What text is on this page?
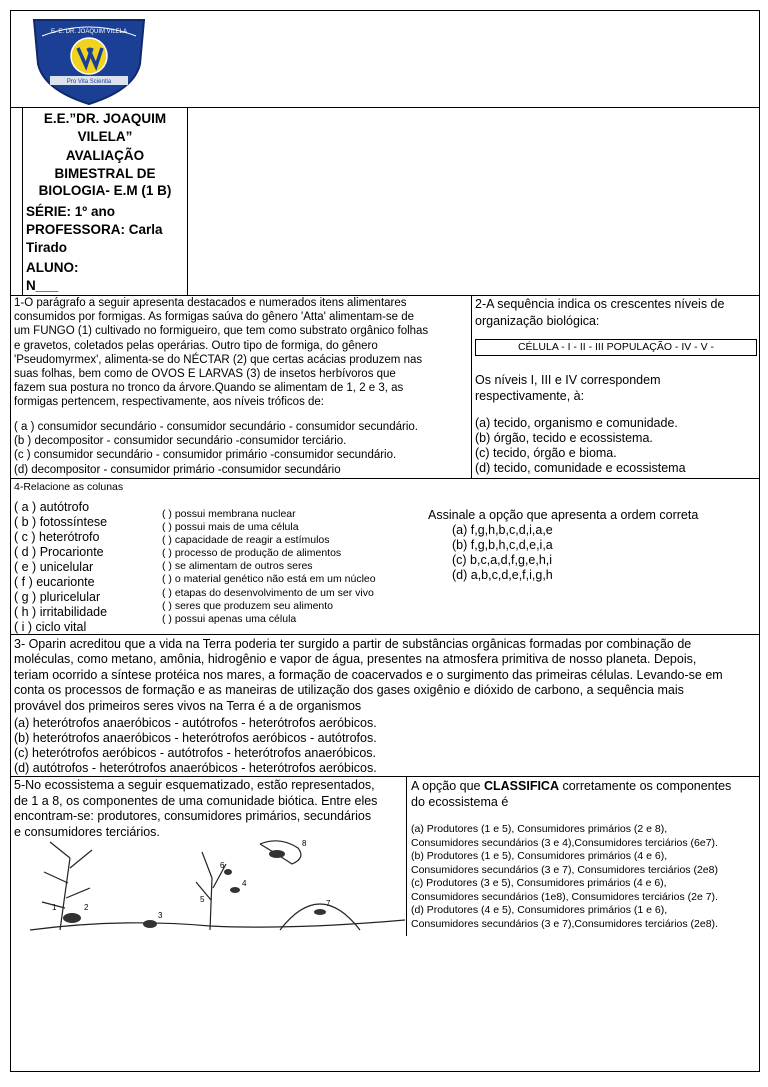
E. E. DR. JOAQUIM VILELA
Pro Vita Scientia
E.E.”DR. JOAQUIM
VILELA”
AVALIAÇÃO
BIMESTRAL DE
BIOLOGIA- E.M (1 B)
SÉRIE: 1º ano
PROFESSORA: Carla
Tirado
ALUNO:
N___
1-O parágrafo a seguir apresenta destacados e numerados itens alimentares
consumidos por formigas. As formigas saúva do gênero 'Atta' alimentam-se de
um FUNGO (1) cultivado no formigueiro, que tem como substrato orgânico folhas
e gravetos, coletados pelas operárias. Outro tipo de formiga, do gênero
'Pseudomyrmex', alimenta-se do NÉCTAR (2) que certas acácias produzem nas
suas folhas, bem como de OVOS E LARVAS (3) de insetos herbívoros que
fazem sua postura no tronco da árvore.Quando se alimentam de 1, 2 e 3, as
formigas pertencem, respectivamente, aos níveis tróficos de:
( a ) consumidor secundário - consumidor secundário - consumidor secundário.
(b ) decompositor - consumidor secundário -consumidor terciário.
(c ) consumidor secundário - consumidor primário -consumidor secundário.
(d) decompositor - consumidor primário -consumidor secundário
2-A sequência indica os crescentes níveis de
organização biológica:
CÉLULA - I - II - III POPULAÇÃO - IV - V -
Os níveis I, III e IV correspondem
respectivamente, à:
(a) tecido, organismo e comunidade.
(b) órgão, tecido e ecossistema.
(c) tecido, órgão e bioma.
(d) tecido, comunidade e ecossistema
4-Relacione as colunas
( a ) autótrofo
( b ) fotossíntese
( c ) heterótrofo
( d ) Procarionte
( e ) unicelular
( f ) eucarionte
( g ) pluricelular
( h ) irritabilidade
( i ) ciclo vital
( ) possui membrana nuclear
( ) possui mais de uma célula
( ) capacidade de reagir a estímulos
( ) processo de produção de alimentos
( ) se alimentam de outros seres
( ) o material genético não está em um núcleo
( ) etapas do desenvolvimento de um ser vivo
( ) seres que produzem seu alimento
( ) possui apenas uma célula
Assinale a opção que apresenta a ordem correta
(a) f,g,h,b,c,d,i,a,e
(b) f,g,b,h,c,d,e,i,a
(c) b,c,a,d,f,g,e,h,i
(d) a,b,c,d,e,f,i,g,h
3- Oparin acreditou que a vida na Terra poderia ter surgido a partir de substâncias orgânicas formadas por combinação de
moléculas, como metano, amônia, hidrogênio e vapor de água, presentes na atmosfera primitiva de nosso planeta. Depois,
teriam ocorrido a síntese protéica nos mares, a formação de coacervados e o surgimento das primeiras células. Levando-se em
conta os processos de formação e as maneiras de utilização dos gases oxigênio e dióxido de carbono, a sequência mais
provável dos primeiros seres vivos na Terra é a de organismos
(a) heterótrofos anaeróbicos - autótrofos - heterótrofos aeróbicos.
(b) heterótrofos anaeróbicos - heterótrofos aeróbicos - autótrofos.
(c) heterótrofos aeróbicos - autótrofos - heterótrofos anaeróbicos.
(d) autótrofos - heterótrofos anaeróbicos - heterótrofos aeróbicos.
5-No ecossistema a seguir esquematizado, estão representados,
de 1 a 8, os componentes de uma comunidade biótica. Entre eles
encontram-se: produtores, consumidores primários, secundários
e consumidores terciários.
A opção que CLASSIFICA corretamente os componentes
do ecossistema é
(a) Produtores (1 e 5), Consumidores primários (2 e 8),
Consumidores secundários (3 e 4),Consumidores terciários (6e7).
(b) Produtores (1 e 5), Consumidores primários (4 e 6),
Consumidores secundários (3 e 7), Consumidores terciários (2e8)
(c) Produtores (3 e 5), Consumidores primários (4 e 6),
Consumidores secundários (1e8), Consumidores terciários (2e 7).
(d) Produtores (4 e 5), Consumidores primários (1 e 6),
Consumidores secundários (3 e 7),Consumidores terciários (2e8).
1	2
3
4
5
6
7
8
